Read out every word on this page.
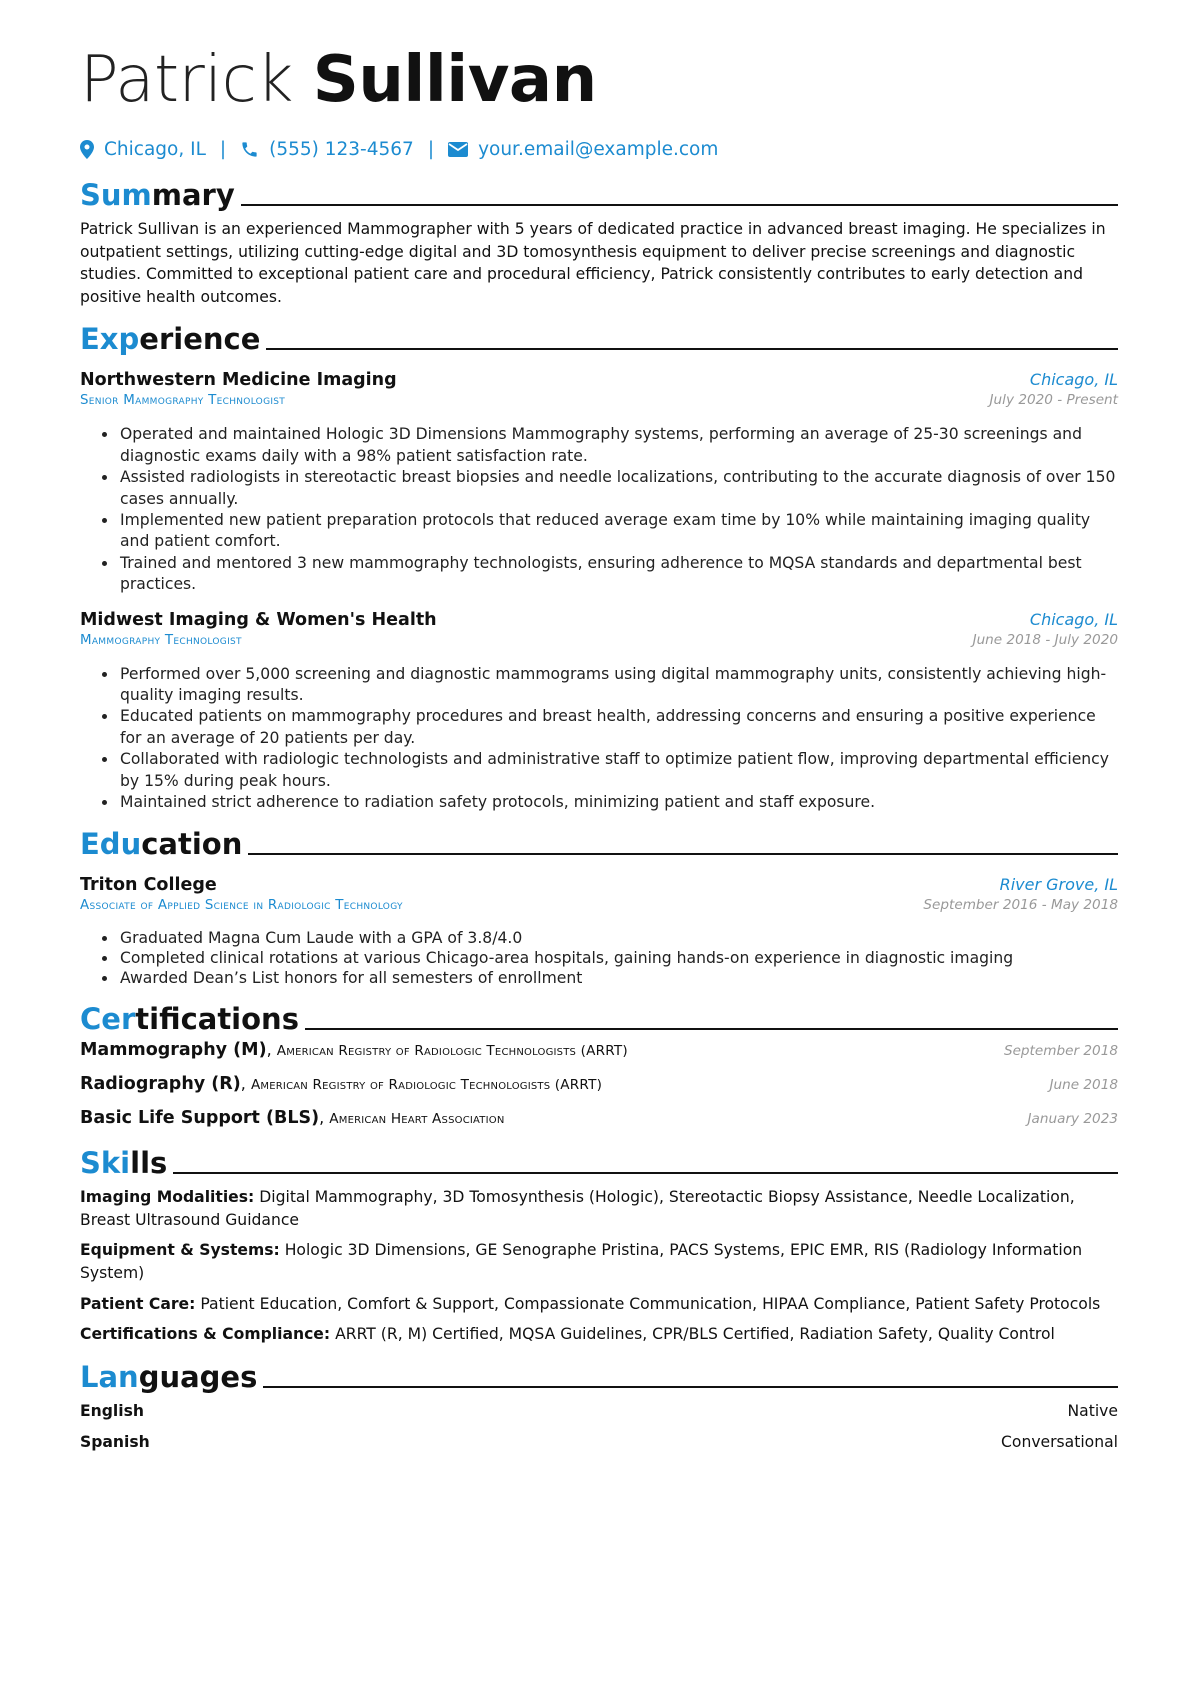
Patrick Sullivan
Chicago, IL | (555) 123-4567 | your.email@example.com
Summary
Patrick Sullivan is an experienced Mammographer with 5 years of dedicated practice in advanced breast imaging. He specializes in outpatient settings, utilizing cutting-edge digital and 3D tomosynthesis equipment to deliver precise screenings and diagnostic studies. Committed to exceptional patient care and procedural efficiency, Patrick consistently contributes to early detection and positive health outcomes.
Experience
Northwestern Medicine Imaging	Chicago, IL
Senior Mammography Technologist	July 2020 - Present
• Operated and maintained Hologic 3D Dimensions Mammography systems, performing an average of 25-30 screenings and diagnostic exams daily with a 98% patient satisfaction rate.
• Assisted radiologists in stereotactic breast biopsies and needle localizations, contributing to the accurate diagnosis of over 150 cases annually.
• Implemented new patient preparation protocols that reduced average exam time by 10% while maintaining imaging quality and patient comfort.
• Trained and mentored 3 new mammography technologists, ensuring adherence to MQSA standards and departmental best practices.
Midwest Imaging & Women's Health	Chicago, IL
Mammography Technologist	June 2018 - July 2020
• Performed over 5,000 screening and diagnostic mammograms using digital mammography units, consistently achieving high-quality imaging results.
• Educated patients on mammography procedures and breast health, addressing concerns and ensuring a positive experience for an average of 20 patients per day.
• Collaborated with radiologic technologists and administrative staff to optimize patient flow, improving departmental efficiency by 15% during peak hours.
• Maintained strict adherence to radiation safety protocols, minimizing patient and staff exposure.
Education
Triton College	River Grove, IL
Associate of Applied Science in Radiologic Technology	September 2016 - May 2018
• Graduated Magna Cum Laude with a GPA of 3.8/4.0
• Completed clinical rotations at various Chicago-area hospitals, gaining hands-on experience in diagnostic imaging
• Awarded Dean’s List honors for all semesters of enrollment
Certifications
Mammography (M), American Registry of Radiologic Technologists (ARRT)	September 2018
Radiography (R), American Registry of Radiologic Technologists (ARRT)	June 2018
Basic Life Support (BLS), American Heart Association	January 2023
Skills
Imaging Modalities: Digital Mammography, 3D Tomosynthesis (Hologic), Stereotactic Biopsy Assistance, Needle Localization, Breast Ultrasound Guidance
Equipment & Systems: Hologic 3D Dimensions, GE Senographe Pristina, PACS Systems, EPIC EMR, RIS (Radiology Information System)
Patient Care: Patient Education, Comfort & Support, Compassionate Communication, HIPAA Compliance, Patient Safety Protocols
Certifications & Compliance: ARRT (R, M) Certified, MQSA Guidelines, CPR/BLS Certified, Radiation Safety, Quality Control
Languages
English	Native
Spanish	Conversational
